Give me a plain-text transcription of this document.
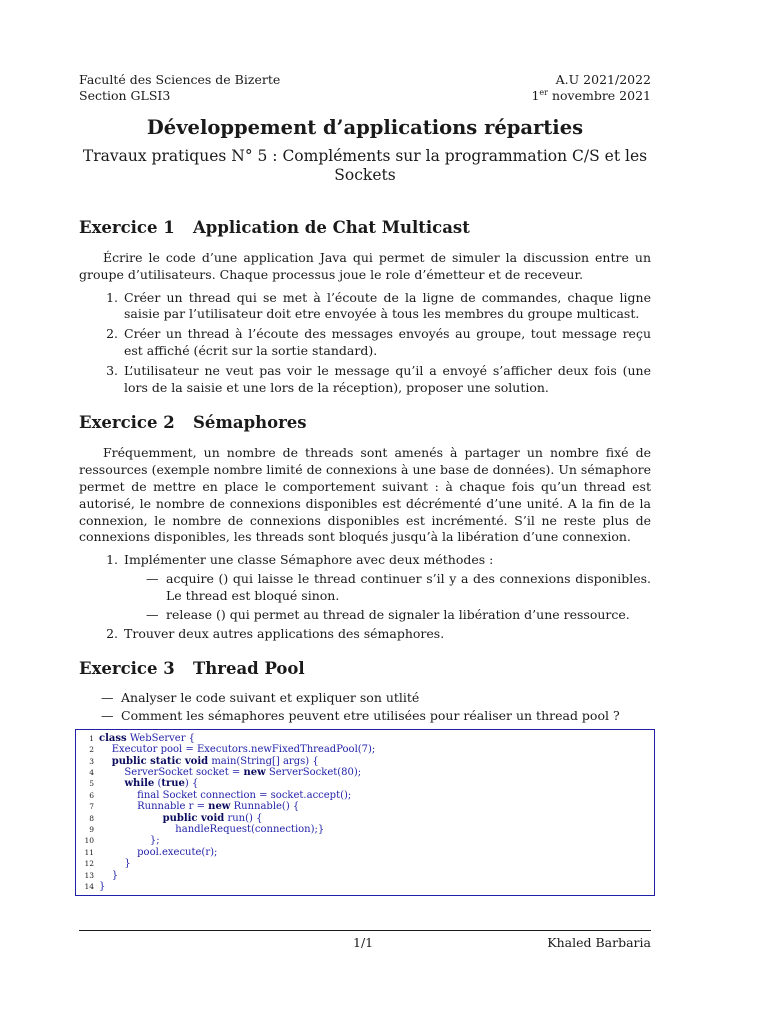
Faculté des Sciences de Bizerte
Section GLSI3
A.U 2021/2022
1er novembre 2021
Développement d’applications réparties

Travaux pratiques N° 5 : Compléments sur la programmation C/S et les Sockets

Exercice 1	Application de Chat Multicast

Écrire le code d’une application Java qui permet de simuler la discussion entre un groupe d’utilisateurs. Chaque processus joue le role d’émetteur et de receveur.

1. Créer un thread qui se met à l’écoute de la ligne de commandes, chaque ligne saisie par l’utilisateur doit etre envoyée à tous les membres du groupe multicast.
2. Créer un thread à l’écoute des messages envoyés au groupe, tout message reçu est affiché (écrit sur la sortie standard).
3. L’utilisateur ne veut pas voir le message qu’il a envoyé s’afficher deux fois (une lors de la saisie et une lors de la réception), proposer une solution.
Exercice 2	Sémaphores

Fréquemment, un nombre de threads sont amenés à partager un nombre fixé de ressources (exemple nombre limité de connexions à une base de données). Un sémaphore permet de mettre en place le comportement suivant : à chaque fois qu’un thread est autorisé, le nombre de connexions disponibles est décrémenté d’une unité. A la fin de la connexion, le nombre de connexions disponibles est incrémenté. S’il ne reste plus de connexions disponibles, les threads sont bloqués jusqu’à la libération d’une connexion.

1. Implémenter une classe Sémaphore avec deux méthodes :
— acquire () qui laisse le thread continuer s’il y a des connexions disponibles. Le thread est bloqué sinon.
— release () qui permet au thread de signaler la libération d’une ressource.
2. Trouver deux autres applications des sémaphores.
Exercice 3	Thread Pool
— Analyser le code suivant et expliquer son utlité
— Comment les sémaphores peuvent etre utilisées pour réaliser un thread pool ?
1 class WebServer {
2 Executor pool = Executors.newFixedThreadPool(7);
3
	public static void main(String[] args) {
4 ServerSocket socket = new ServerSocket(80);
5
	while ( true ) {
6 final Socket connection = socket.accept();
7 Runnable r = new Runnable() {
8
	public void run() {
9 handleRequest(connection);}
10 };
11 pool.execute(r);
12 }
13 }
14 }
1/1	Khaled Barbaria
